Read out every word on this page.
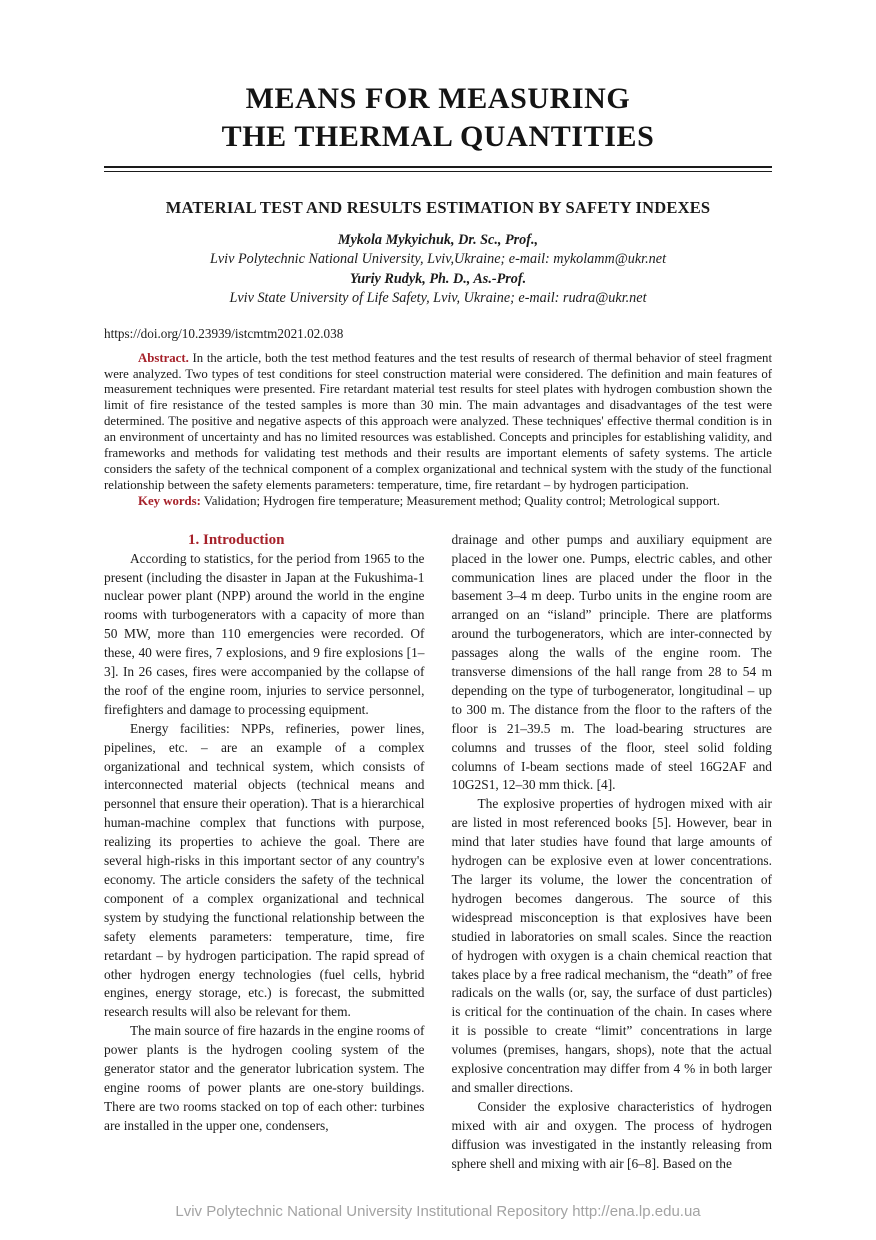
MEANS FOR MEASURING
THE THERMAL QUANTITIES
MATERIAL TEST AND RESULTS ESTIMATION BY SAFETY INDEXES
Mykola Mykyichuk, Dr. Sc., Prof.,
Lviv Polytechnic National University, Lviv,Ukraine; e-mail: mykolamm@ukr.net
Yuriy Rudyk, Ph. D., As.-Prof.
Lviv State University of Life Safety, Lviv, Ukraine; e-mail: rudra@ukr.net
https://doi.org/10.23939/istcmtm2021.02.038

Abstract. In the article, both the test method features and the test results of research of thermal behavior of steel fragment were analyzed. Two types of test conditions for steel construction material were considered. The definition and main features of measurement techniques were presented. Fire retardant material test results for steel plates with hydrogen combustion shown the limit of fire resistance of the tested samples is more than 30 min. The main advantages and disadvantages of the test were determined. The positive and negative aspects of this approach were analyzed. These techniques' effective thermal condition is in an environment of uncertainty and has no limited resources was established. Concepts and principles for establishing validity, and frameworks and methods for validating test methods and their results are important elements of safety systems. The article considers the safety of the technical component of a complex organizational and technical system with the study of the functional relationship between the safety elements parameters: temperature, time, fire retardant – by hydrogen participation.

Key words: Validation; Hydrogen fire temperature; Measurement method; Quality control; Metrological support.

1. Introduction

According to statistics, for the period from 1965 to the present (including the disaster in Japan at the Fukushima-1 nuclear power plant (NPP) around the world in the engine rooms with turbogenerators with a capacity of more than 50 MW, more than 110 emergencies were recorded. Of these, 40 were fires, 7 explosions, and 9 fire explosions [1–3]. In 26 cases, fires were accompanied by the collapse of the roof of the engine room, injuries to service personnel, firefighters and damage to processing equipment.

Energy facilities: NPPs, refineries, power lines, pipelines, etc. – are an example of a complex organizational and technical system, which consists of interconnected material objects (technical means and personnel that ensure their operation). That is a hierarchical human-machine complex that functions with purpose, realizing its properties to achieve the goal. There are several high-risks in this important sector of any country's economy. The article considers the safety of the technical component of a complex organizational and technical system by studying the functional relationship between the safety elements parameters: temperature, time, fire retardant – by hydrogen participation. The rapid spread of other hydrogen energy technologies (fuel cells, hybrid engines, energy storage, etc.) is forecast, the submitted research results will also be relevant for them.

The main source of fire hazards in the engine rooms of power plants is the hydrogen cooling system of the generator stator and the generator lubrication system. The engine rooms of power plants are one-story buildings. There are two rooms stacked on top of each other: turbines are installed in the upper one, condensers,

drainage and other pumps and auxiliary equipment are placed in the lower one. Pumps, electric cables, and other communication lines are placed under the floor in the basement 3–4 m deep. Turbo units in the engine room are arranged on an “island” principle. There are platforms around the turbogenerators, which are inter-connected by passages along the walls of the engine room. The transverse dimensions of the hall range from 28 to 54 m depending on the type of turbogenerator, longitudinal – up to 300 m. The distance from the floor to the rafters of the floor is 21–39.5 m. The load-bearing structures are columns and trusses of the floor, steel solid folding columns of I-beam sections made of steel 16G2AF and 10G2S1, 12–30 mm thick. [4].

The explosive properties of hydrogen mixed with air are listed in most referenced books [5]. However, bear in mind that later studies have found that large amounts of hydrogen can be explosive even at lower concentrations. The larger its volume, the lower the concentration of hydrogen becomes dangerous. The source of this widespread misconception is that explosives have been studied in laboratories on small scales. Since the reaction of hydrogen with oxygen is a chain chemical reaction that takes place by a free radical mechanism, the “death” of free radicals on the walls (or, say, the surface of dust particles) is critical for the continuation of the chain. In cases where it is possible to create “limit” concentrations in large volumes (premises, hangars, shops), note that the actual explosive concentration may differ from 4 % in both larger and smaller directions.

Consider the explosive characteristics of hydrogen mixed with air and oxygen. The process of hydrogen diffusion was investigated in the instantly releasing from sphere shell and mixing with air [6–8]. Based on the

Lviv Polytechnic National University Institutional Repository http://ena.lp.edu.ua
